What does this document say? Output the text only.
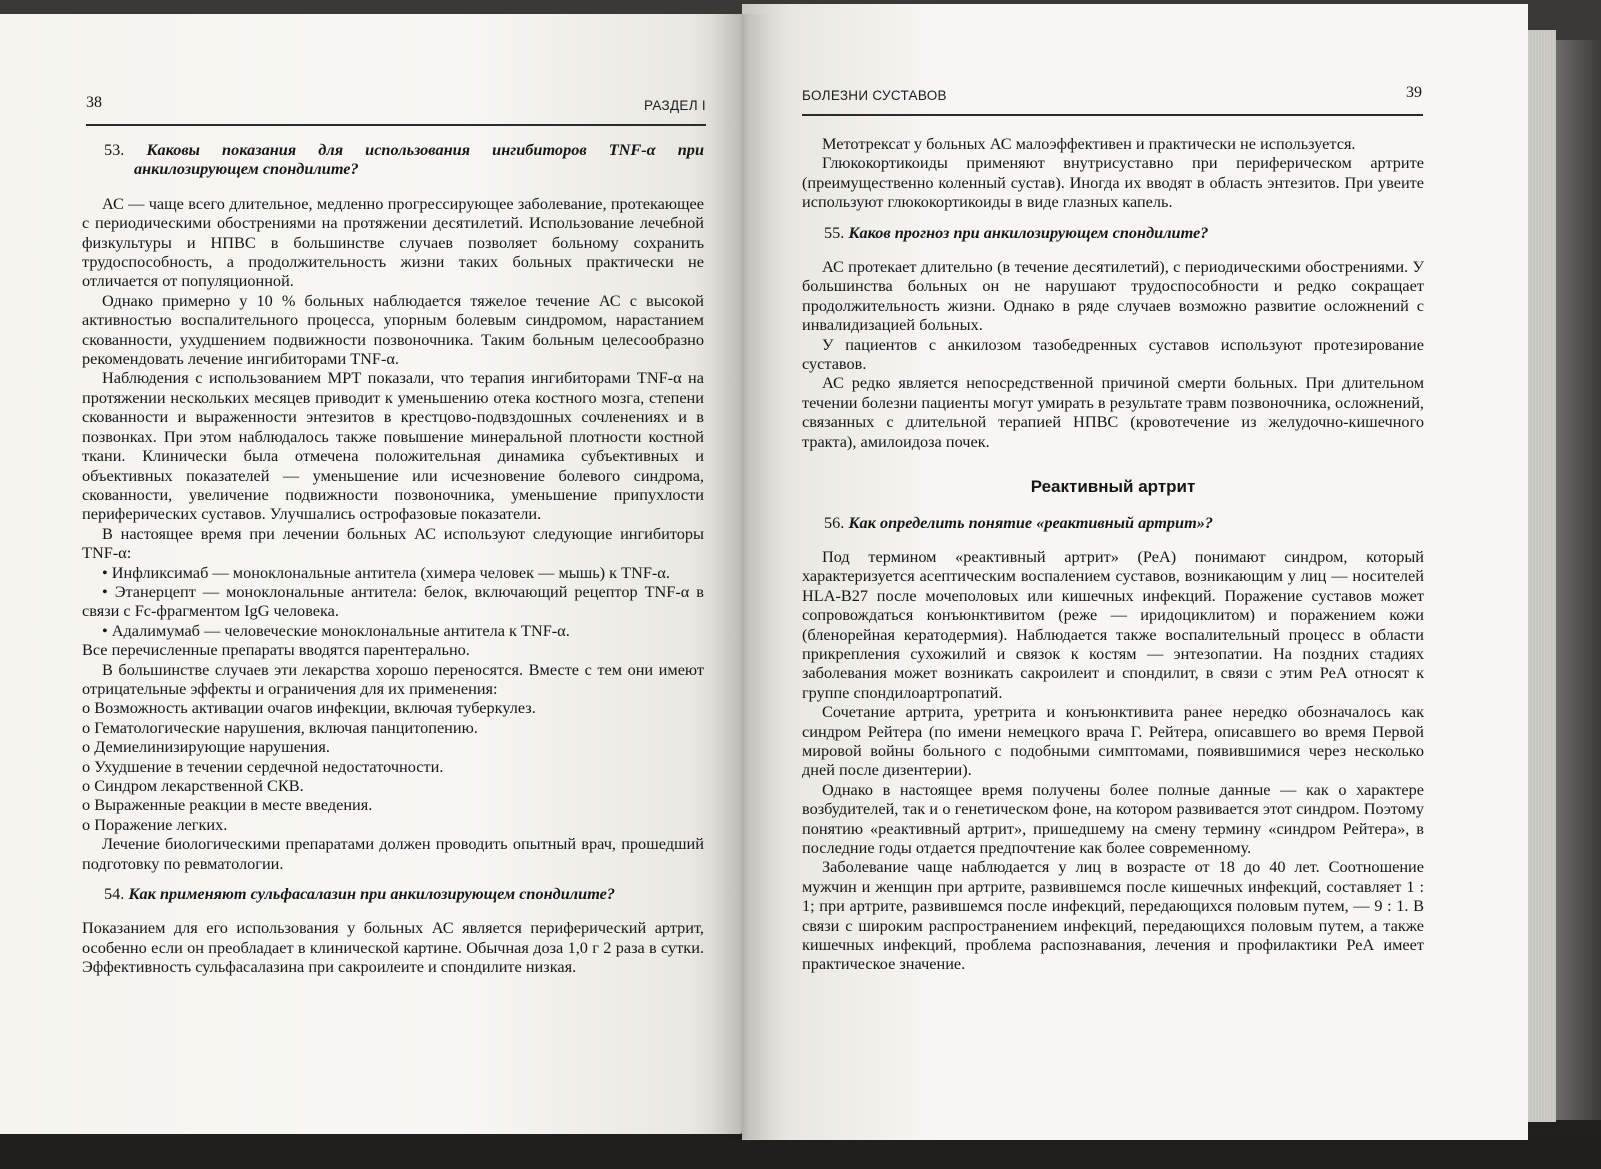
38	РАЗДЕЛ I
53. Каковы показания для использования ингибиторов TNF-α при анкилозирующем спондилите?
АС — чаще всего длительное, медленно прогрессирующее заболевание, протекающее с периодическими обострениями на протяжении десятилетий. Использование лечебной физкультуры и НПВС в большинстве случаев позволяет больному сохранить трудоспособность, а продолжительность жизни таких больных практически не отличается от популяционной.
Однако примерно у 10 % больных наблюдается тяжелое течение АС с высокой активностью воспалительного процесса, упорным болевым синдромом, нарастанием скованности, ухудшением подвижности позвоночника. Таким больным целесообразно рекомендовать лечение ингибиторами TNF-α.
Наблюдения с использованием МРТ показали, что терапия ингибиторами TNF-α на протяжении нескольких месяцев приводит к уменьшению отека костного мозга, степени скованности и выраженности энтезитов в крестцово-подвздошных сочленениях и в позвонках. При этом наблюдалось также повышение минеральной плотности костной ткани. Клинически была отмечена положительная динамика субъективных и объективных показателей — уменьшение или исчезновение болевого синдрома, скованности, увеличение подвижности позвоночника, уменьшение припухлости периферических суставов. Улучшались острофазовые показатели.
В настоящее время при лечении больных АС используют следующие ингибиторы TNF-α:
• Инфликсимаб — моноклональные антитела (химера человек — мышь) к TNF-α.
• Этанерцепт — моноклональные антитела: белок, включающий рецептор TNF-α в связи с Fc-фрагментом IgG человека.
• Адалимумаб — человеческие моноклональные антитела к TNF-α.
Все перечисленные препараты вводятся парентерально.
В большинстве случаев эти лекарства хорошо переносятся. Вместе с тем они имеют отрицательные эффекты и ограничения для их применения:
о Возможность активации очагов инфекции, включая туберкулез.
о Гематологические нарушения, включая панцитопению.
о Демиелинизирующие нарушения.
о Ухудшение в течении сердечной недостаточности.
о Синдром лекарственной СКВ.
о Выраженные реакции в месте введения.
о Поражение легких.
Лечение биологическими препаратами должен проводить опытный врач, прошедший подготовку по ревматологии.
54. Как применяют сульфасалазин при анкилозирующем спондилите?
Показанием для его использования у больных АС является периферический артрит, особенно если он преобладает в клинической картине. Обычная доза 1,0 г 2 раза в сутки. Эффективность сульфасалазина при сакроилеите и спондилите низкая.
БОЛЕЗНИ СУСТАВОВ	39
Метотрексат у больных АС малоэффективен и практически не используется.
Глюкокортикоиды применяют внутрисуставно при периферическом артрите (преимущественно коленный сустав). Иногда их вводят в область энтезитов. При увеите используют глюкокортикоиды в виде глазных капель.
55. Каков прогноз при анкилозирующем спондилите?
АС протекает длительно (в течение десятилетий), с периодическими обострениями. У большинства больных он не нарушают трудоспособности и редко сокращает продолжительность жизни. Однако в ряде случаев возможно развитие осложнений с инвалидизацией больных.
У пациентов с анкилозом тазобедренных суставов используют протезирование суставов.
АС редко является непосредственной причиной смерти больных. При длительном течении болезни пациенты могут умирать в результате травм позвоночника, осложнений, связанных с длительной терапией НПВС (кровотечение из желудочно-кишечного тракта), амилоидоза почек.
Реактивный артрит
56. Как определить понятие «реактивный артрит»?
Под термином «реактивный артрит» (РеА) понимают синдром, который характеризуется асептическим воспалением суставов, возникающим у лиц — носителей HLA-B27 после мочеполовых или кишечных инфекций. Поражение суставов может сопровождаться конъюнктивитом (реже — иридоциклитом) и поражением кожи (бленорейная кератодермия). Наблюдается также воспалительный процесс в области прикрепления сухожилий и связок к костям — энтезопатии. На поздних стадиях заболевания может возникать сакроилеит и спондилит, в связи с этим РеА относят к группе спондилоартропатий.
Сочетание артрита, уретрита и конъюнктивита ранее нередко обозначалось как синдром Рейтера (по имени немецкого врача Г. Рейтера, описавшего во время Первой мировой войны больного с подобными симптомами, появившимися через несколько дней после дизентерии).
Однако в настоящее время получены более полные данные — как о характере возбудителей, так и о генетическом фоне, на котором развивается этот синдром. Поэтому понятию «реактивный артрит», пришедшему на смену термину «синдром Рейтера», в последние годы отдается предпочтение как более современному.
Заболевание чаще наблюдается у лиц в возрасте от 18 до 40 лет. Соотношение мужчин и женщин при артрите, развившемся после кишечных инфекций, составляет 1 : 1; при артрите, развившемся после инфекций, передающихся половым путем, — 9 : 1. В связи с широким распространением инфекций, передающихся половым путем, а также кишечных инфекций, проблема распознавания, лечения и профилактики РеА имеет практическое значение.
